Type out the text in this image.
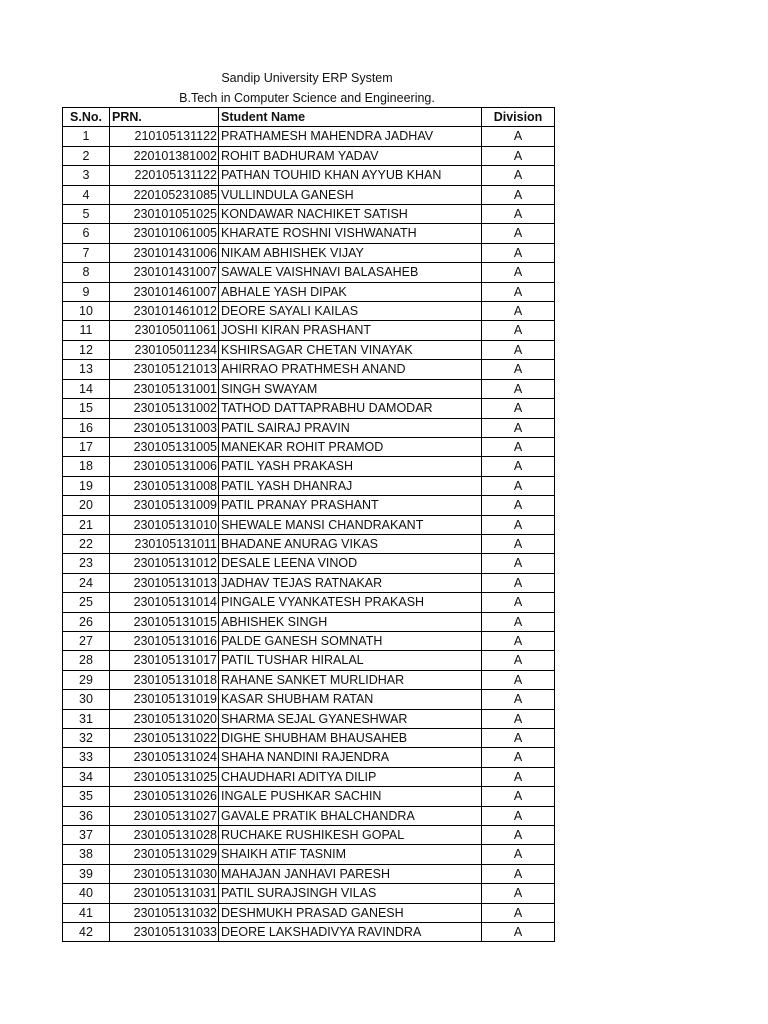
Sandip University ERP System
B.Tech in Computer Science and Engineering.
S.No.	PRN.	Student Name	Division
1	210105131122	PRATHAMESH MAHENDRA JADHAV	A
2	220101381002	ROHIT BADHURAM YADAV	A
3	220105131122	PATHAN TOUHID KHAN AYYUB KHAN	A
4	220105231085	VULLINDULA GANESH	A
5	230101051025	KONDAWAR NACHIKET SATISH	A
6	230101061005	KHARATE ROSHNI VISHWANATH	A
7	230101431006	NIKAM ABHISHEK VIJAY	A
8	230101431007	SAWALE VAISHNAVI BALASAHEB	A
9	230101461007	ABHALE YASH DIPAK	A
10	230101461012	DEORE SAYALI KAILAS	A
11	230105011061	JOSHI KIRAN PRASHANT	A
12	230105011234	KSHIRSAGAR CHETAN VINAYAK	A
13	230105121013	AHIRRAO PRATHMESH ANAND	A
14	230105131001	SINGH SWAYAM	A
15	230105131002	TATHOD DATTAPRABHU DAMODAR	A
16	230105131003	PATIL SAIRAJ PRAVIN	A
17	230105131005	MANEKAR ROHIT PRAMOD	A
18	230105131006	PATIL YASH PRAKASH	A
19	230105131008	PATIL YASH DHANRAJ	A
20	230105131009	PATIL PRANAY PRASHANT	A
21	230105131010	SHEWALE MANSI CHANDRAKANT	A
22	230105131011	BHADANE ANURAG VIKAS	A
23	230105131012	DESALE LEENA VINOD	A
24	230105131013	JADHAV TEJAS RATNAKAR	A
25	230105131014	PINGALE VYANKATESH PRAKASH	A
26	230105131015	ABHISHEK SINGH	A
27	230105131016	PALDE GANESH SOMNATH	A
28	230105131017	PATIL TUSHAR HIRALAL	A
29	230105131018	RAHANE SANKET MURLIDHAR	A
30	230105131019	KASAR SHUBHAM RATAN	A
31	230105131020	SHARMA SEJAL GYANESHWAR	A
32	230105131022	DIGHE SHUBHAM BHAUSAHEB	A
33	230105131024	SHAHA NANDINI RAJENDRA	A
34	230105131025	CHAUDHARI ADITYA DILIP	A
35	230105131026	INGALE PUSHKAR SACHIN	A
36	230105131027	GAVALE PRATIK BHALCHANDRA	A
37	230105131028	RUCHAKE RUSHIKESH GOPAL	A
38	230105131029	SHAIKH ATIF TASNIM	A
39	230105131030	MAHAJAN JANHAVI PARESH	A
40	230105131031	PATIL SURAJSINGH VILAS	A
41	230105131032	DESHMUKH PRASAD GANESH	A
42	230105131033	DEORE LAKSHADIVYA RAVINDRA	A
